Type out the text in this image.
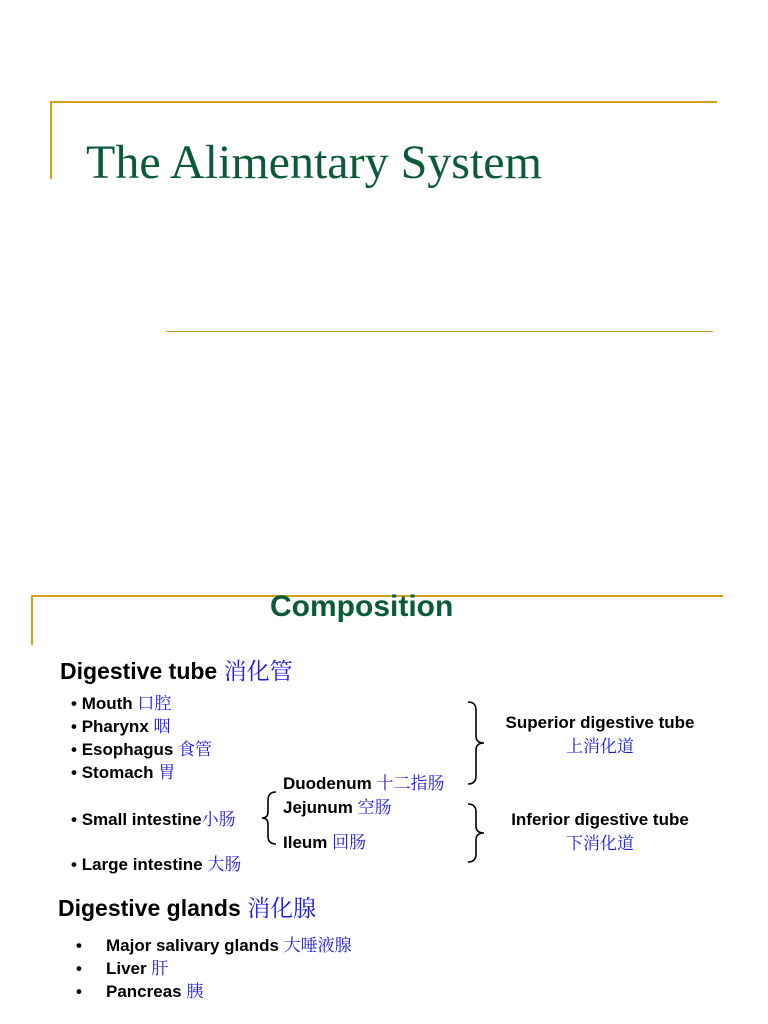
The Alimentary System
Composition
Digestive tube 消化管
• Mouth 口腔
• Pharynx 咽
• Esophagus 食管
• Stomach 胃
• Small intestine小肠
Duodenum 十二指肠
Jejunum 空肠
Ileum 回肠
• Large intestine 大肠
Superior digestive tube
上消化道
Inferior digestive tube
下消化道
Digestive glands 消化腺
• Major salivary glands 大唾液腺
• Liver 肝
• Pancreas 胰
